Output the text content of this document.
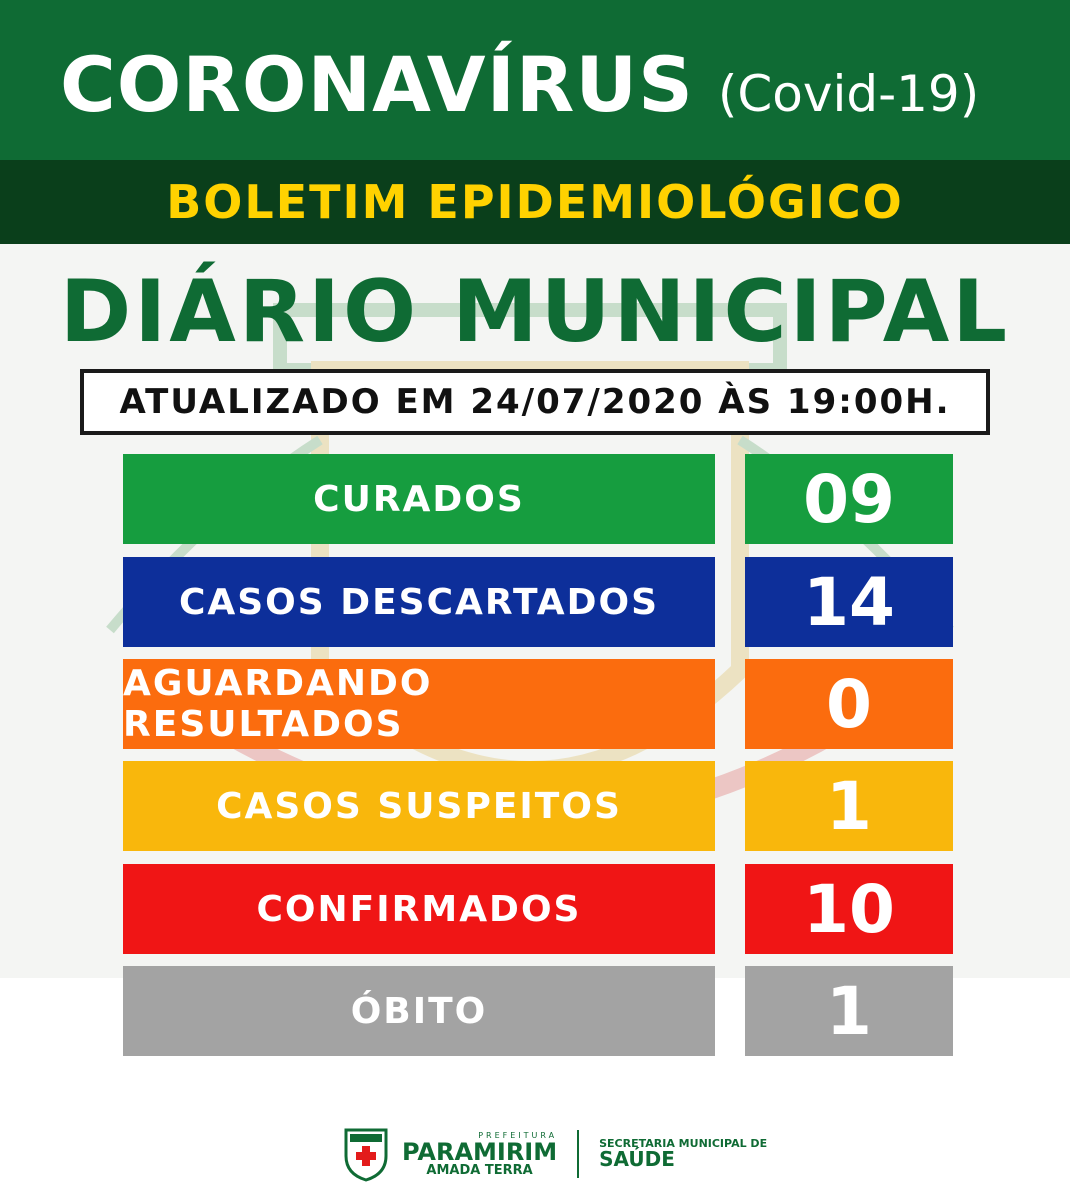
CORONAVÍRUS (Covid-19)
BOLETIM EPIDEMIOLÓGICO
DIÁRIO MUNICIPAL
ATUALIZADO EM 24/07/2020 ÀS 19:00H.
CURADOS	09
CASOS DESCARTADOS	14
AGUARDANDO RESULTADOS	0
CASOS SUSPEITOS	1
CONFIRMADOS	10
ÓBITO	1
PREFEITURA
PARAMIRIM
AMADA TERRA
SECRETARIA MUNICIPAL DE
SAÚDE
